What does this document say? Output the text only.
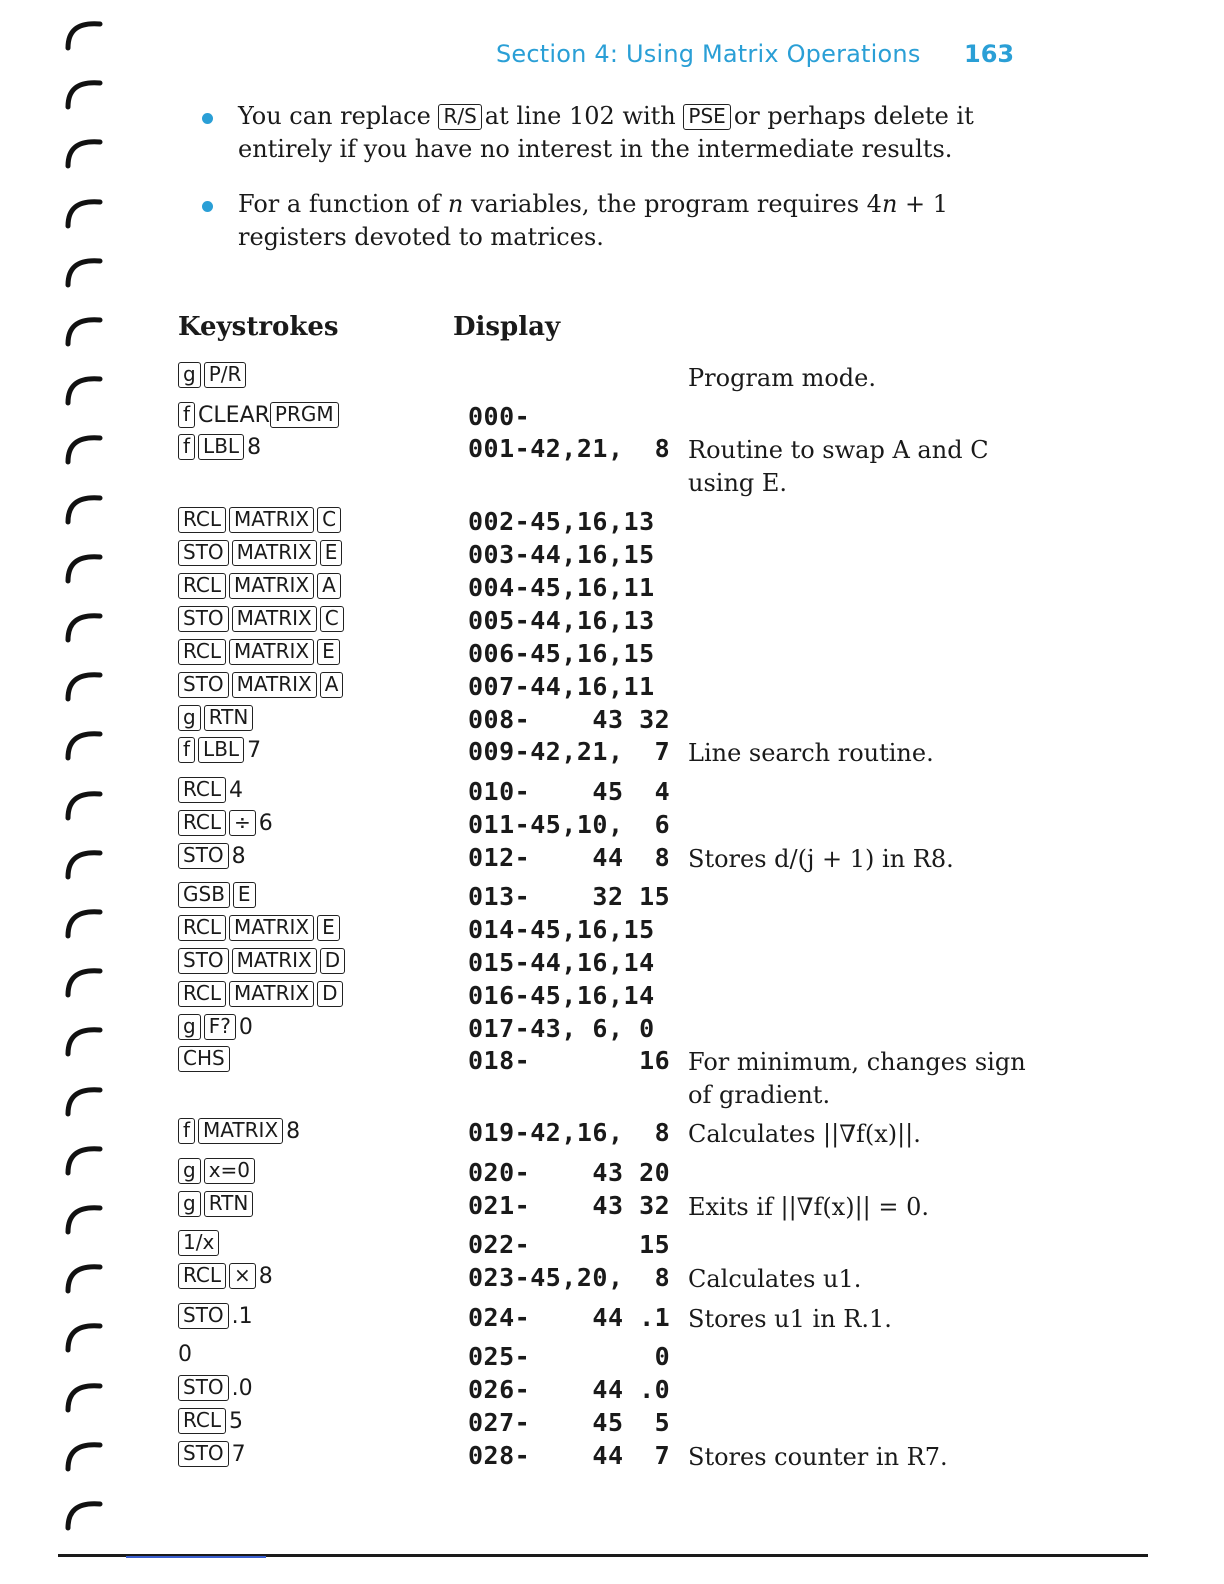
Section 4: Using Matrix Operations 163
You can replace R/S at line 102 with PSE or perhaps delete it entirely if you have no interest in the intermediate results.
For a function of n variables, the program requires 4n + 1 registers devoted to matrices.
Keystrokes	Display
g P/R	Program mode.
f CLEAR PRGM	000-
f LBL 8	001-42,21,  8 Routine to swap A and C using E.
RCL MATRIX C	002-45,16,13
STO MATRIX E	003-44,16,15
RCL MATRIX A	004-45,16,11
STO MATRIX C	005-44,16,13
RCL MATRIX E	006-45,16,15
STO MATRIX A	007-44,16,11
g RTN	008-    43 32
f LBL 7	009-42,21,  7 Line search routine.
RCL 4	010-    45  4
RCL ÷ 6	011-45,10,  6
STO 8	012-    44  8 Stores d/(j + 1) in R8.
GSB E	013-    32 15
RCL MATRIX E	014-45,16,15
STO MATRIX D	015-44,16,14
RCL MATRIX D	016-45,16,14
g F? 0	017-43, 6, 0
CHS	018-       16 For minimum, changes sign of gradient.
f MATRIX 8	019-42,16,  8 Calculates ||∇f(x)||.
g x=0	020-    43 20
g RTN	021-    43 32 Exits if ||∇f(x)|| = 0.
1/x	022-       15
RCL × 8	023-45,20,  8 Calculates u1.
STO .1	024-    44 .1 Stores u1 in R.1.
0	025-        0
STO .0	026-    44 .0
RCL 5	027-    45  5
STO 7	028-    44  7 Stores counter in R7.
